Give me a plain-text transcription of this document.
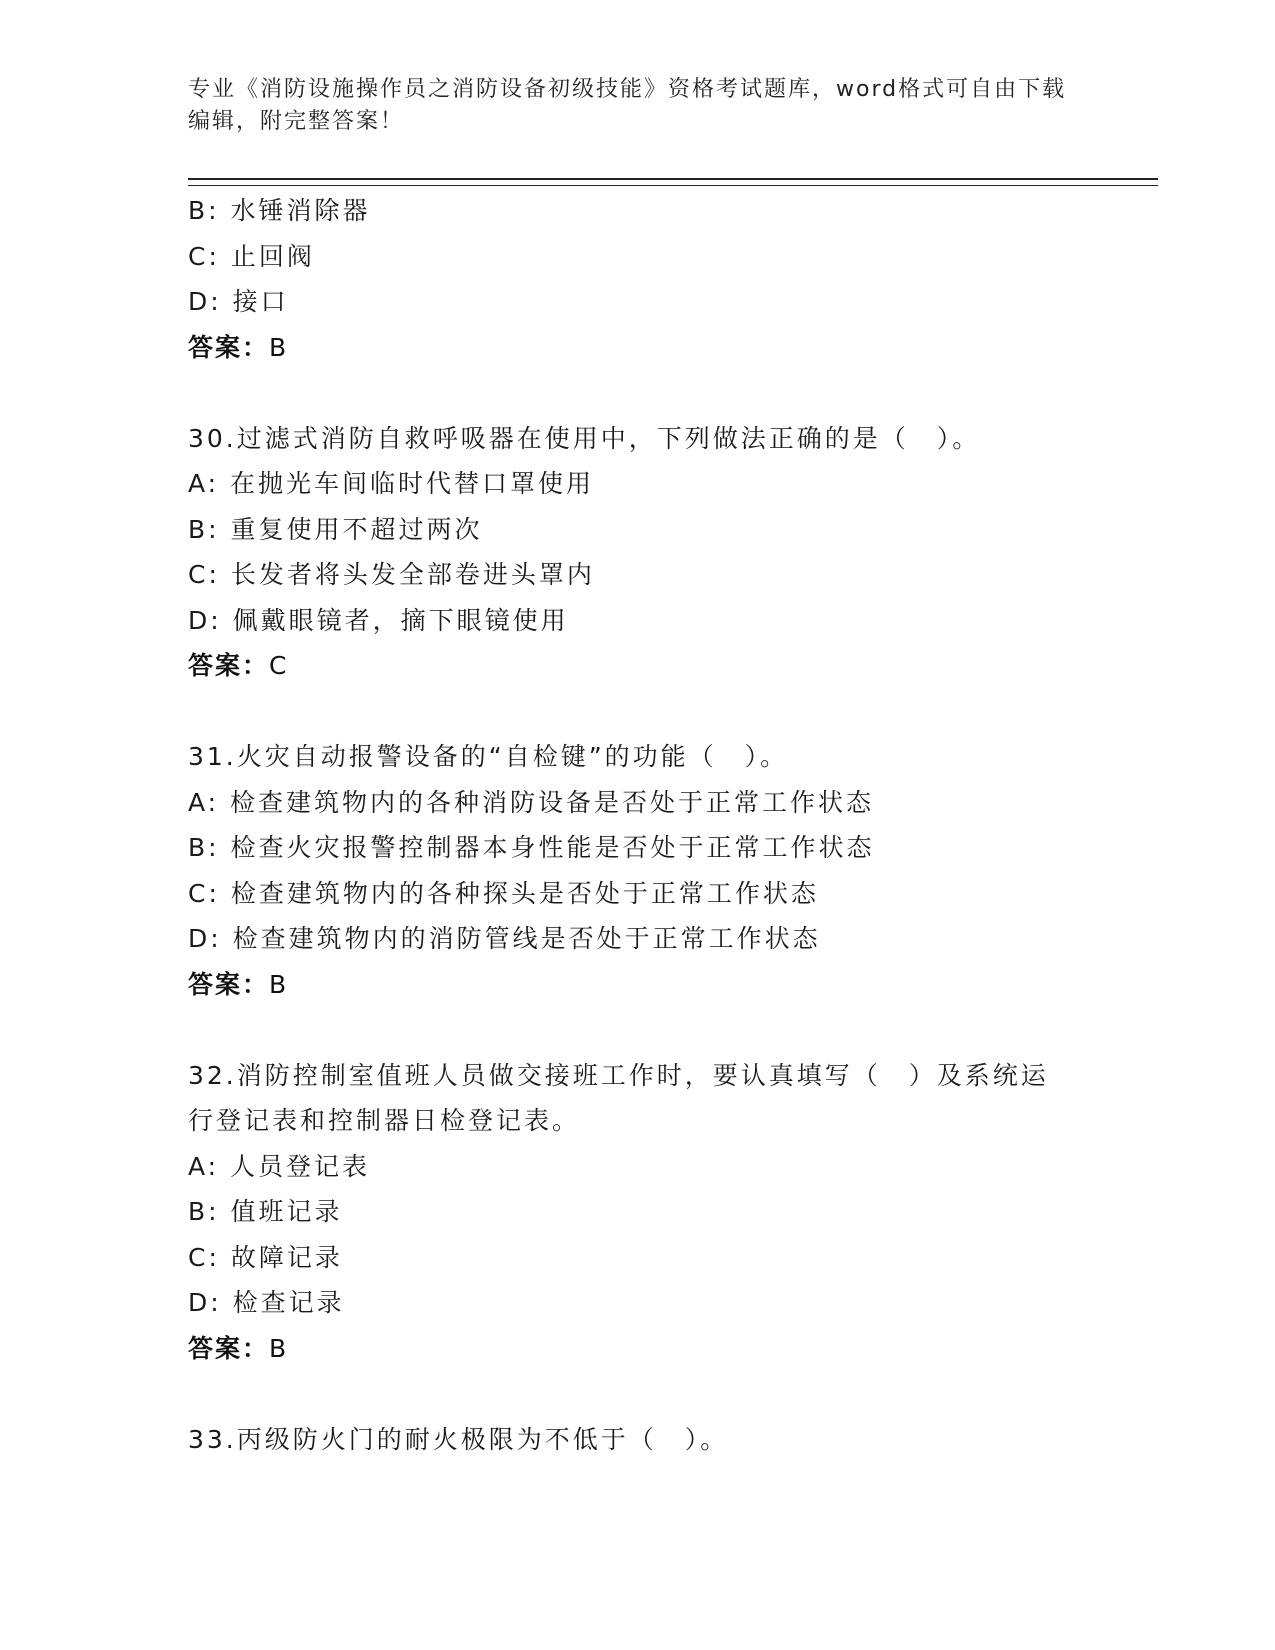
专业《消防设施操作员之消防设备初级技能》资格考试题库，word格式可自由下载编辑，附完整答案！
B: 水锤消除器
C: 止回阀
D: 接口
答案：B
30.过滤式消防自救呼吸器在使用中，下列做法正确的是（　）。
A: 在抛光车间临时代替口罩使用
B: 重复使用不超过两次
C: 长发者将头发全部卷进头罩内
D: 佩戴眼镜者，摘下眼镜使用
答案：C
31.火灾自动报警设备的“自检键”的功能（　）。
A: 检查建筑物内的各种消防设备是否处于正常工作状态
B: 检查火灾报警控制器本身性能是否处于正常工作状态
C: 检查建筑物内的各种探头是否处于正常工作状态
D: 检查建筑物内的消防管线是否处于正常工作状态
答案：B
32.消防控制室值班人员做交接班工作时，要认真填写（　）及系统运行登记表和控制器日检登记表。
A: 人员登记表
B: 值班记录
C: 故障记录
D: 检查记录
答案：B
33.丙级防火门的耐火极限为不低于（　）。
